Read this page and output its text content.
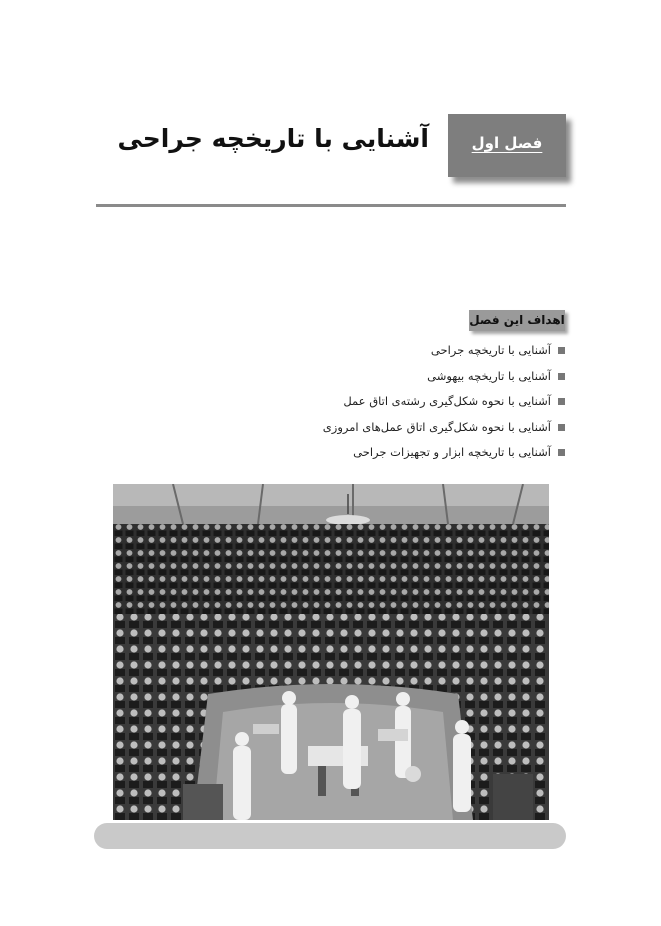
فصل اول
آشنایی با تاریخچه جراحی
اهداف این فصل
آشنایی با تاریخچه جراحی
آشنایی با تاریخچه بیهوشی
آشنایی با نحوه شکل‌گیری رشته‌ی اتاق عمل
آشنایی با نحوه شکل‌گیری اتاق عمل‌های امروزی
آشنایی با تاریخچه ابزار و تجهیزات جراحی
